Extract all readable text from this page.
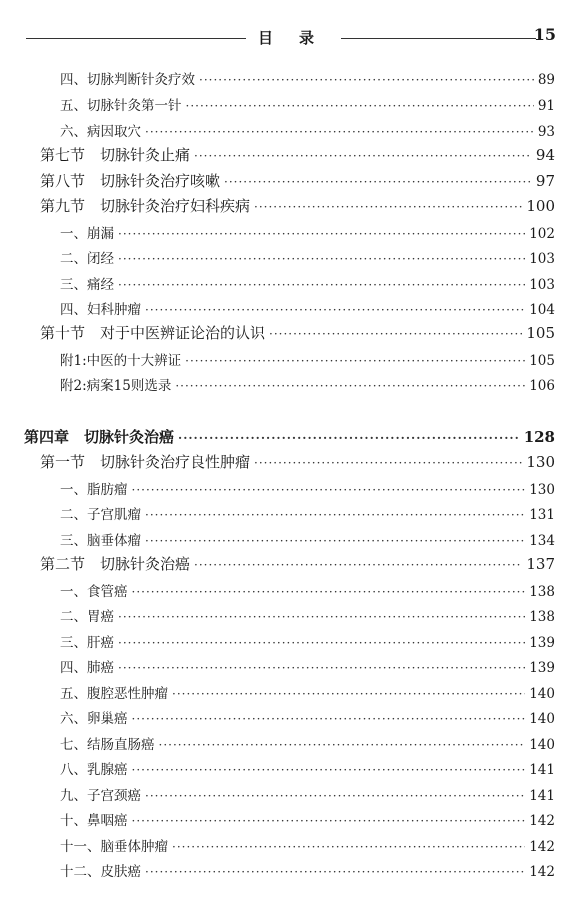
目录	15
四、切脉判断针灸疗效 ·····	89
五、切脉针灸第一针 ·····	91
六、病因取穴 ·····	93
第七节　切脉针灸止痛 ·····	94
第八节　切脉针灸治疗咳嗽 ·····	97
第九节　切脉针灸治疗妇科疾病 ·····	100
一、崩漏 ·····	102
二、闭经 ·····	103
三、痛经 ·····	103
四、妇科肿瘤 ·····	104
第十节　对于中医辨证论治的认识 ·····	105
附1:中医的十大辨证 ·····	105
附2:病案15则选录 ·····	106
第四章　切脉针灸治癌 ·····	128
第一节　切脉针灸治疗良性肿瘤 ·····	130
一、脂肪瘤 ·····	130
二、子宫肌瘤 ·····	131
三、脑垂体瘤 ·····	134
第二节　切脉针灸治癌 ·····	137
一、食管癌 ·····	138
二、胃癌 ·····	138
三、肝癌 ·····	139
四、肺癌 ·····	139
五、腹腔恶性肿瘤 ·····	140
六、卵巢癌 ·····	140
七、结肠直肠癌 ·····	140
八、乳腺癌 ·····	141
九、子宫颈癌 ·····	141
十、鼻咽癌 ·····	142
十一、脑垂体肿瘤 ·····	142
十二、皮肤癌 ·····	142
